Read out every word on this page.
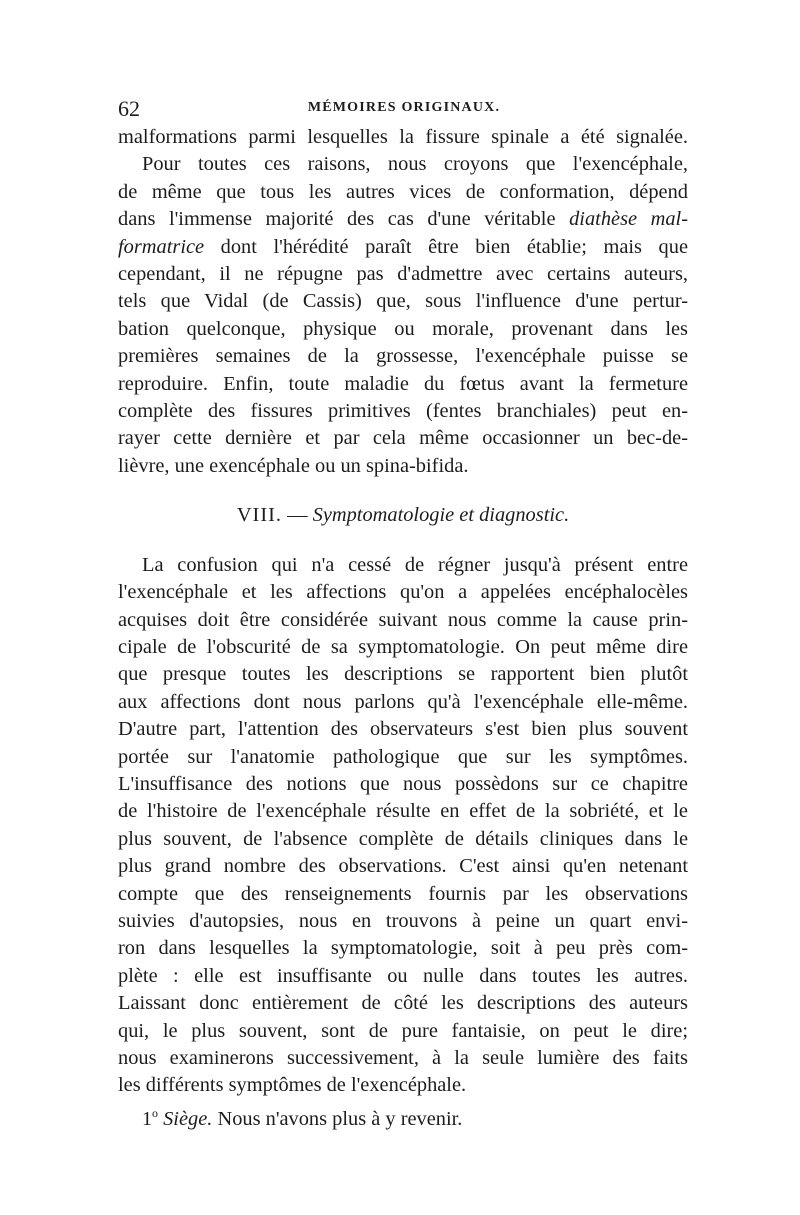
62	MÉMOIRES ORIGINAUX.
malformations parmi lesquelles la fissure spinale a été signalée.
Pour toutes ces raisons, nous croyons que l'exencéphale,
de même que tous les autres vices de conformation, dépend
dans l'immense majorité des cas d'une véritable diathèse mal-
formatrice dont l'hérédité paraît être bien établie; mais que
cependant, il ne répugne pas d'admettre avec certains auteurs,
tels que Vidal (de Cassis) que, sous l'influence d'une pertur-
bation quelconque, physique ou morale, provenant dans les
premières semaines de la grossesse, l'exencéphale puisse se
reproduire. Enfin, toute maladie du fœtus avant la fermeture
complète des fissures primitives (fentes branchiales) peut en-
rayer cette dernière et par cela même occasionner un bec-de-
lièvre, une exencéphale ou un spina-bifida.
VIII. — Symptomatologie et diagnostic.
La confusion qui n'a cessé de régner jusqu'à présent entre
l'exencéphale et les affections qu'on a appelées encéphalocèles
acquises doit être considérée suivant nous comme la cause prin-
cipale de l'obscurité de sa symptomatologie. On peut même dire
que presque toutes les descriptions se rapportent bien plutôt
aux affections dont nous parlons qu'à l'exencéphale elle-même.
D'autre part, l'attention des observateurs s'est bien plus souvent
portée sur l'anatomie pathologique que sur les symptômes.
L'insuffisance des notions que nous possèdons sur ce chapitre
de l'histoire de l'exencéphale résulte en effet de la sobriété, et le
plus souvent, de l'absence complète de détails cliniques dans le
plus grand nombre des observations. C'est ainsi qu'en netenant
compte que des renseignements fournis par les observations
suivies d'autopsies, nous en trouvons à peine un quart envi-
ron dans lesquelles la symptomatologie, soit à peu près com-
plète : elle est insuffisante ou nulle dans toutes les autres.
Laissant donc entièrement de côté les descriptions des auteurs
qui, le plus souvent, sont de pure fantaisie, on peut le dire;
nous examinerons successivement, à la seule lumière des faits
les différents symptômes de l'exencéphale.
1$^o$ Siège. Nous n'avons plus à y revenir.
